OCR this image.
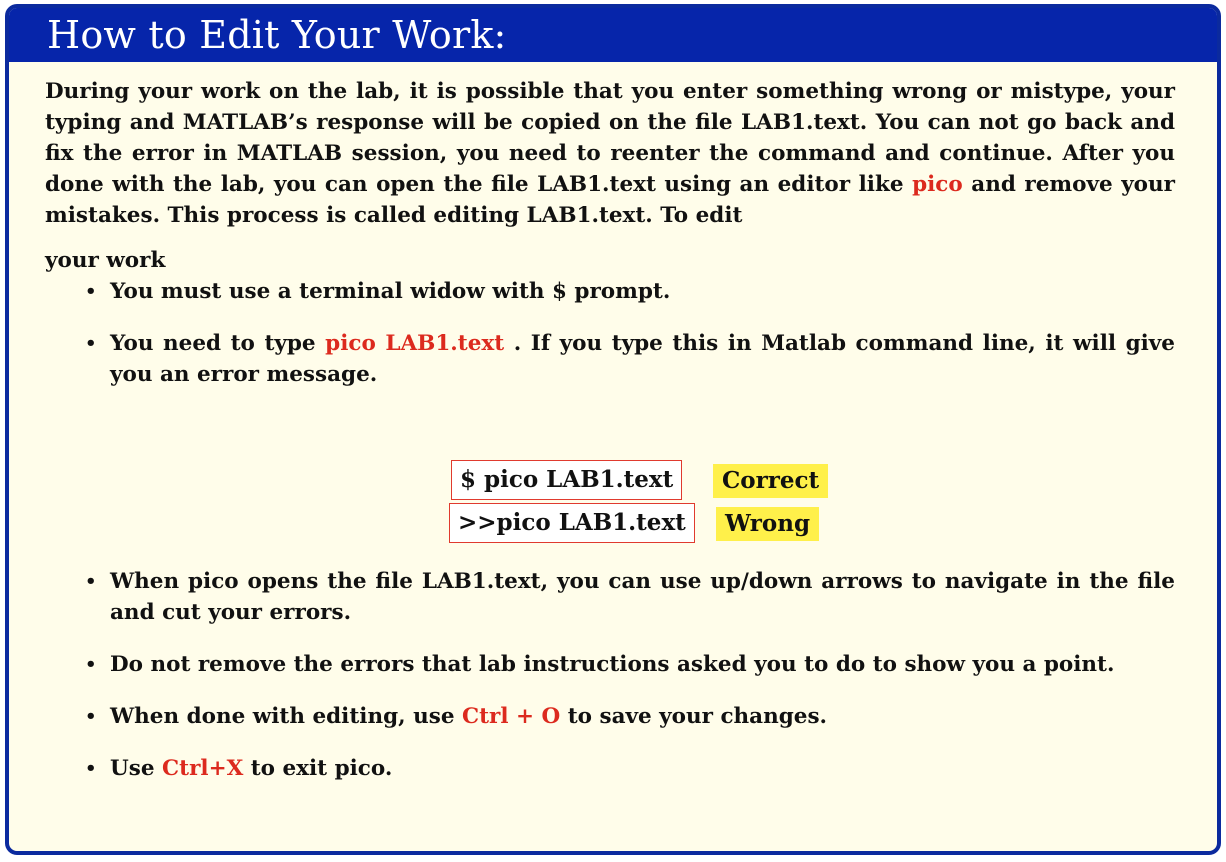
How to Edit Your Work:

During your work on the lab, it is possible that you enter something wrong or mistype, your typing and MATLAB’s response will be copied on the file LAB1.text. You can not go back and fix the error in MATLAB session, you need to reenter the command and continue. After you done with the lab, you can open the file LAB1.text using an editor like pico and remove your mistakes. This process is called editing LAB1.text. To edit

your work
• You must use a terminal widow with $ prompt.
• You need to type pico LAB1.text . If you type this in Matlab command line, it will give you an error message.
$ pico LAB1.text	Correct
>>pico LAB1.text	Wrong
• When pico opens the file LAB1.text, you can use up/down arrows to navigate in the file and cut your errors.
• Do not remove the errors that lab instructions asked you to do to show you a point.
• When done with editing, use Ctrl + O to save your changes.
• Use Ctrl+X to exit pico.
